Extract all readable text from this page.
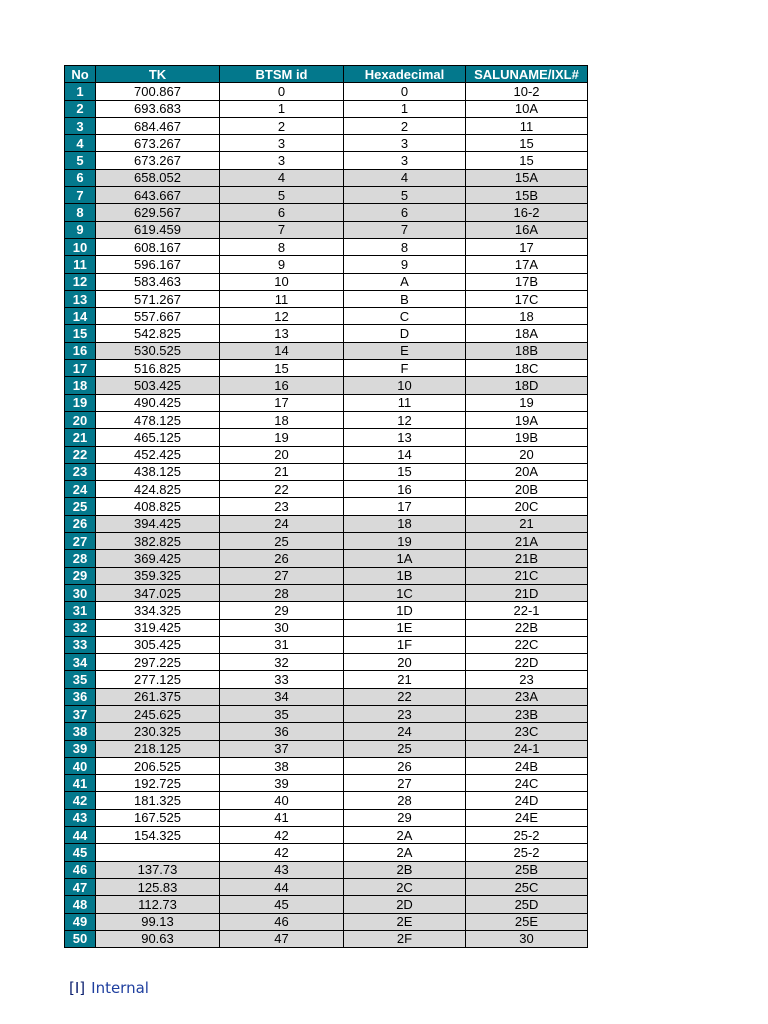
No	TK	BTSM id	Hexadecimal	SALUNAME/IXL#
1	700.867	0	0	10-2
2	693.683	1	1	10A
3	684.467	2	2	11
4	673.267	3	3	15
5	673.267	3	3	15
6	658.052	4	4	15A
7	643.667	5	5	15B
8	629.567	6	6	16-2
9	619.459	7	7	16A
10	608.167	8	8	17
11	596.167	9	9	17A
12	583.463	10	A	17B
13	571.267	11	B	17C
14	557.667	12	C	18
15	542.825	13	D	18A
16	530.525	14	E	18B
17	516.825	15	F	18C
18	503.425	16	10	18D
19	490.425	17	11	19
20	478.125	18	12	19A
21	465.125	19	13	19B
22	452.425	20	14	20
23	438.125	21	15	20A
24	424.825	22	16	20B
25	408.825	23	17	20C
26	394.425	24	18	21
27	382.825	25	19	21A
28	369.425	26	1A	21B
29	359.325	27	1B	21C
30	347.025	28	1C	21D
31	334.325	29	1D	22-1
32	319.425	30	1E	22B
33	305.425	31	1F	22C
34	297.225	32	20	22D
35	277.125	33	21	23
36	261.375	34	22	23A
37	245.625	35	23	23B
38	230.325	36	24	23C
39	218.125	37	25	24-1
40	206.525	38	26	24B
41	192.725	39	27	24C
42	181.325	40	28	24D
43	167.525	41	29	24E
44	154.325	42	2A	25-2
45		42	2A	25-2
46	137.73	43	2B	25B
47	125.83	44	2C	25C
48	112.73	45	2D	25D
49	99.13	46	2E	25E
50	90.63	47	2F	30
[I] Internal
